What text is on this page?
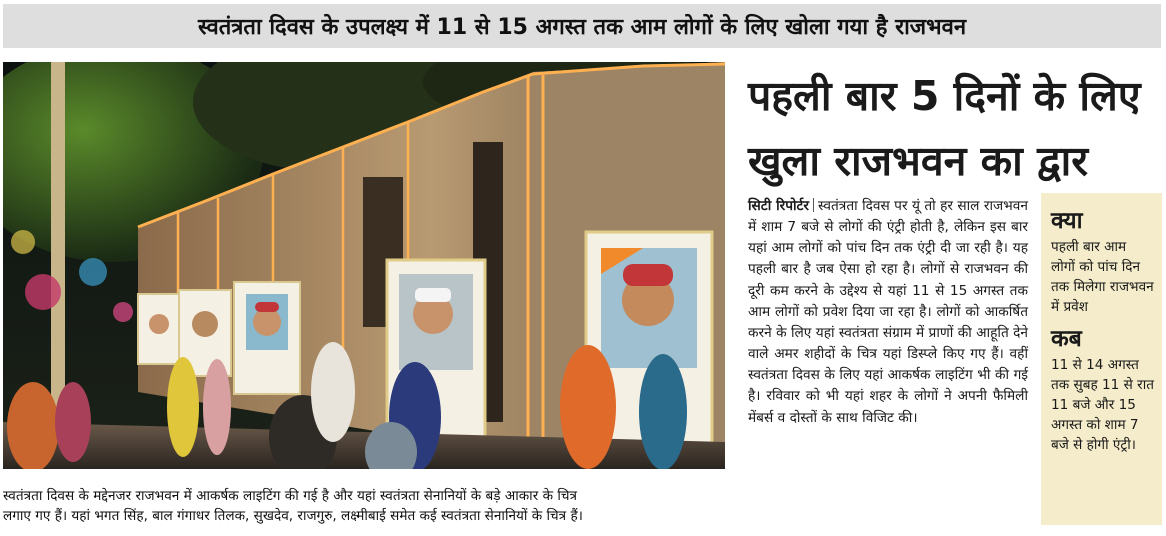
स्वतंत्रता दिवस के उपलक्ष्य में 11 से 15 अगस्त तक आम लोगों के लिए खोला गया है राजभवन
स्वतंत्रता दिवस के मद्देनजर राजभवन में आकर्षक लाइटिंग की गई है और यहां स्वतंत्रता सेनानियों के बड़े आकार के चित्र
लगाए गए हैं। यहां भगत सिंह, बाल गंगाधर तिलक, सुखदेव, राजगुरु, लक्ष्मीबाई समेत कई स्वतंत्रता सेनानियों के चित्र हैं।
पहली बार 5 दिनों के लिए
खुला राजभवन का द्वार
सिटी रिपोर्टर स्वतंत्रता दिवस पर यूं तो हर साल राजभवन में शाम 7 बजे से लोगों की एंट्री होती है, लेकिन इस बार यहां आम लोगों को पांच दिन तक एंट्री दी जा रही है। यह पहली बार है जब ऐसा हो रहा है। लोगों से राजभवन की दूरी कम करने के उद्देश्य से यहां 11 से 15 अगस्त तक आम लोगों को प्रवेश दिया जा रहा है। लोगों को आकर्षित करने के लिए यहां स्वतंत्रता संग्राम में प्राणों की आहूति देने वाले अमर शहीदों के चित्र यहां डिस्प्ले किए गए हैं। वहीं स्वतंत्रता दिवस के लिए यहां आकर्षक लाइटिंग भी की गई है। रविवार को भी यहां शहर के लोगों ने अपनी फैमिली मेंबर्स व दोस्तों के साथ विजिट की।
क्या
पहली बार आम लोगों को पांच दिन तक मिलेगा राजभवन में प्रवेश
कब
11 से 14 अगस्त तक सुबह 11 से रात 11 बजे और 15 अगस्त को शाम 7 बजे से होगी एंट्री।
